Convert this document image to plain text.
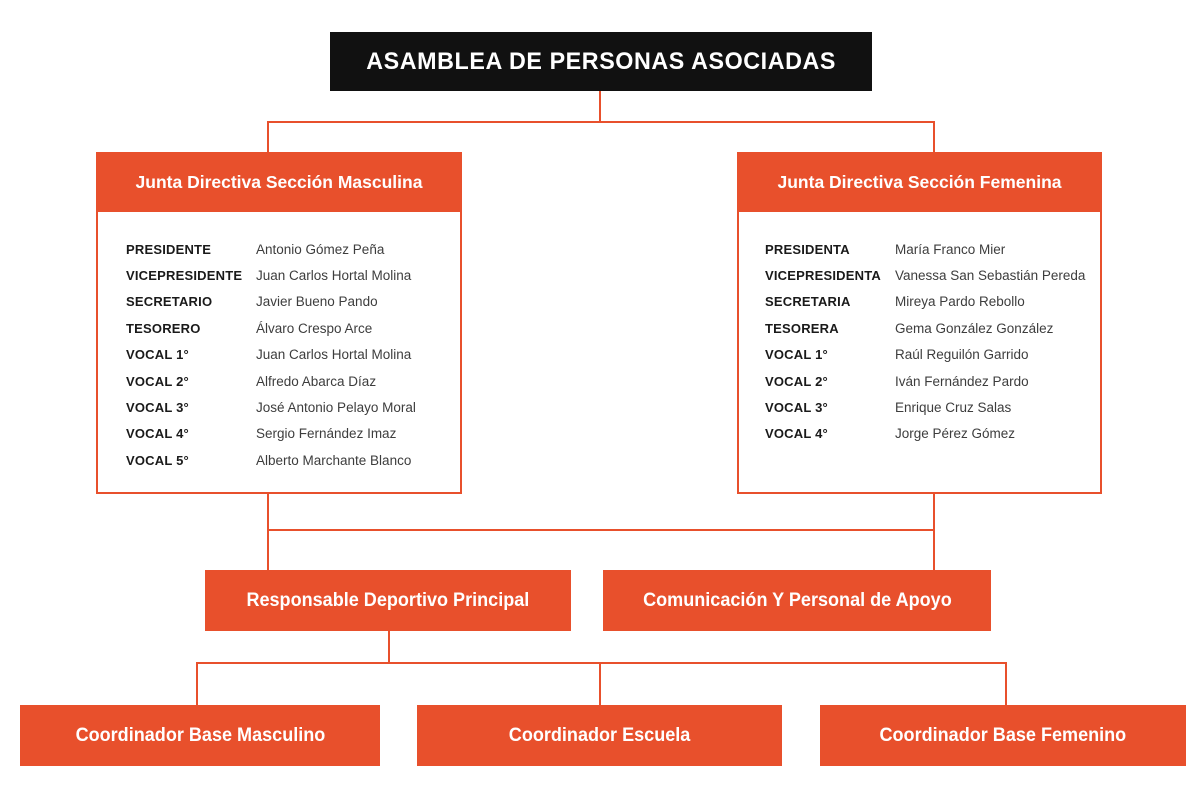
ASAMBLEA DE PERSONAS ASOCIADAS
Junta Directiva Sección Masculina
PRESIDENTE	Antonio Gómez Peña
VICEPRESIDENTE	Juan Carlos Hortal Molina
SECRETARIO	Javier Bueno Pando
TESORERO	Álvaro Crespo Arce
VOCAL 1°	Juan Carlos Hortal Molina
VOCAL 2°	Alfredo Abarca Díaz
VOCAL 3°	José Antonio Pelayo Moral
VOCAL 4°	Sergio Fernández Imaz
VOCAL 5°	Alberto Marchante Blanco
Junta Directiva Sección Femenina
PRESIDENTA	María Franco Mier
VICEPRESIDENTA	Vanessa San Sebastián Pereda
SECRETARIA	Mireya Pardo Rebollo
TESORERA	Gema González González
VOCAL 1°	Raúl Reguilón Garrido
VOCAL 2°	Iván Fernández Pardo
VOCAL 3°	Enrique Cruz Salas
VOCAL 4°	Jorge Pérez Gómez
Responsable Deportivo Principal	Comunicación Y Personal de Apoyo
Coordinador Base Masculino	Coordinador Escuela	Coordinador Base Femenino
